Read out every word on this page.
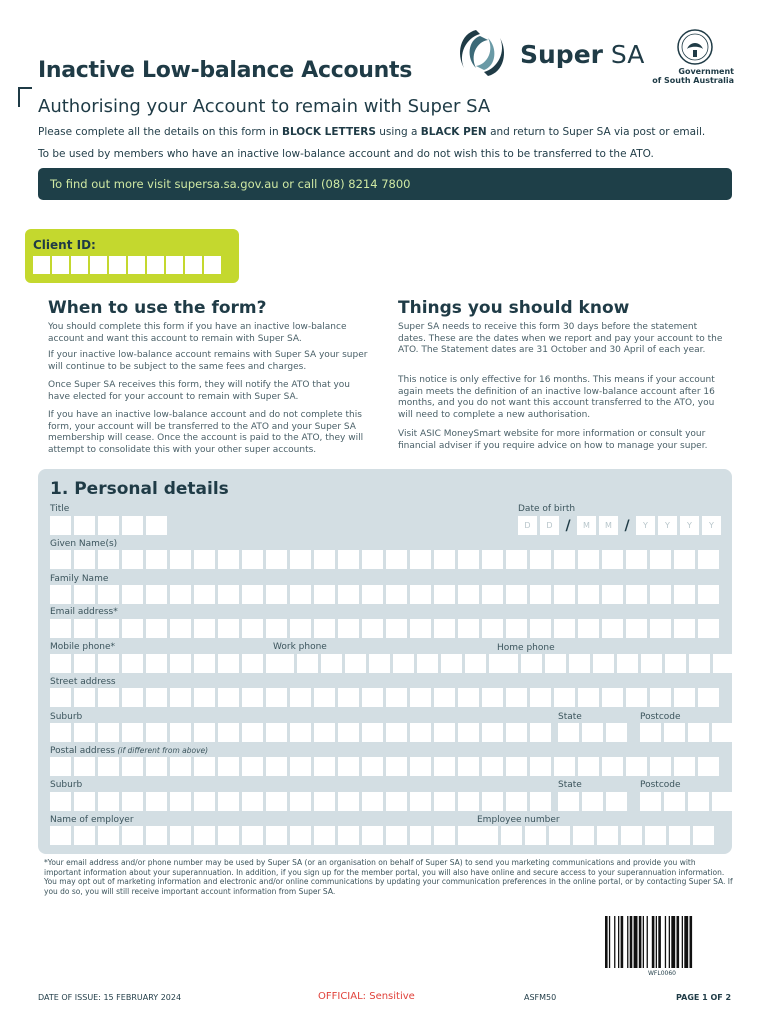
Inactive Low-balance Accounts
Authorising your Account to remain with Super SA
Super SA
Government
of South Australia
Please complete all the details on this form in BLOCK LETTERS using a BLACK PEN and return to Super SA via post or email.
To be used by members who have an inactive low-balance account and do not wish this to be transferred to the ATO.
To find out more visit supersa.sa.gov.au or call (08) 8214 7800
Client ID:
When to use the form?
You should complete this form if you have an inactive low-balance account and want this account to remain with Super SA.
If your inactive low-balance account remains with Super SA your super will continue to be subject to the same fees and charges.
Once Super SA receives this form, they will notify the ATO that you have elected for your account to remain with Super SA.
If you have an inactive low-balance account and do not complete this form, your account will be transferred to the ATO and your Super SA membership will cease. Once the account is paid to the ATO, they will attempt to consolidate this with your other super accounts.
Things you should know
Super SA needs to receive this form 30 days before the statement dates. These are the dates when we report and pay your account to the ATO. The Statement dates are 31 October and 30 April of each year.
This notice is only effective for 16 months. This means if your account again meets the definition of an inactive low-balance account after 16 months, and you do not want this account transferred to the ATO, you will need to complete a new authorisation.
Visit ASIC MoneySmart website for more information or consult your financial adviser if you require advice on how to manage your super.
1. Personal details
Title	Date of birth
D	D /	M	M /	Y	Y	Y	Y
Given Name(s)
Family Name
Email address*
Mobile phone*	Work phone	Home phone
Street address
Suburb	State	Postcode
Postal address (if different from above)
Suburb	State	Postcode
Name of employer	Employee number
*Your email address and/or phone number may be used by Super SA (or an organisation on behalf of Super SA) to send you marketing communications and provide you with important information about your superannuation. In addition, if you sign up for the member portal, you will also have online and secure access to your superannuation information. You may opt out of marketing information and electronic and/or online communications by updating your communication preferences in the online portal, or by contacting Super SA. If you do so, you will still receive important account information from Super SA.
WFL0060
DATE OF ISSUE: 15 FEBRUARY 2024	OFFICIAL: Sensitive	ASFM50	PAGE 1 OF 2
